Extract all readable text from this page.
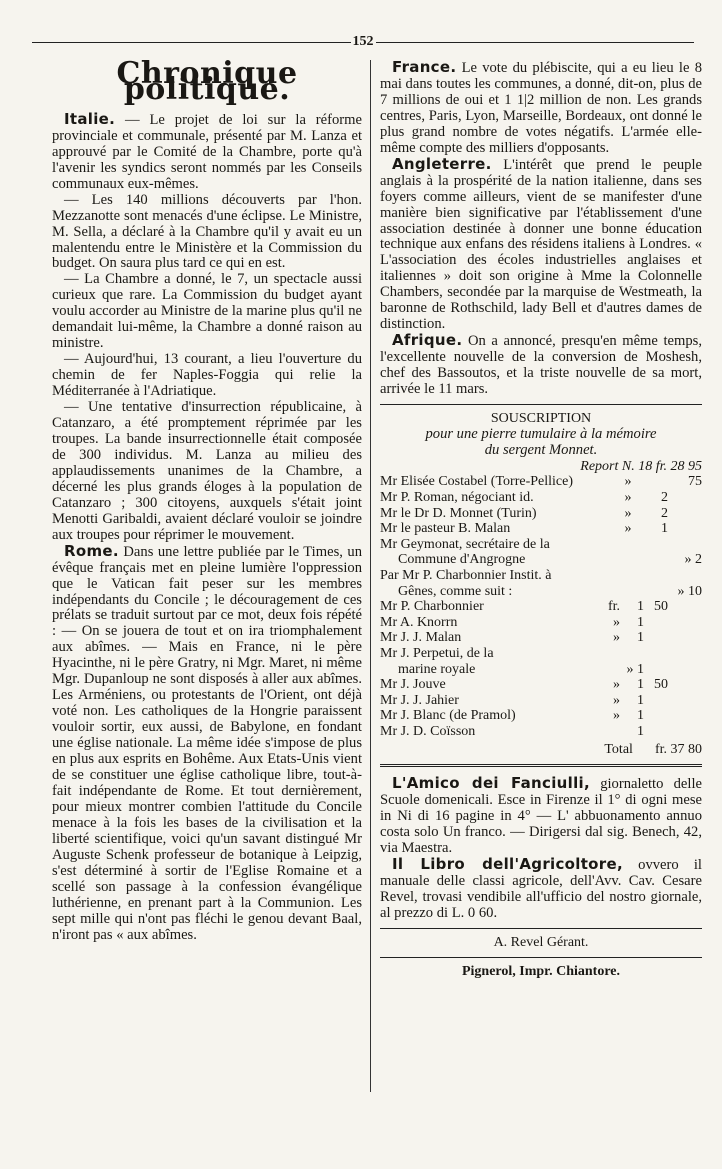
152
Chronique politique.

Italie. — Le projet de loi sur la réforme provinciale et communale, présenté par M. Lanza et approuvé par le Comité de la Chambre, porte qu'à l'avenir les syndics seront nommés par les Conseils communaux eux-mêmes.

— Les 140 millions découverts par l'hon. Mezzanotte sont menacés d'une éclipse. Le Ministre, M. Sella, a déclaré à la Chambre qu'il y avait eu un malentendu entre le Ministère et la Commission du budget. On saura plus tard ce qui en est.

— La Chambre a donné, le 7, un spectacle aussi curieux que rare. La Commission du budget ayant voulu accorder au Ministre de la marine plus qu'il ne demandait lui-même, la Chambre a donné raison au ministre.

— Aujourd'hui, 13 courant, a lieu l'ouverture du chemin de fer Naples-Foggia qui relie la Méditerranée à l'Adriatique.

— Une tentative d'insurrection républicaine, à Catanzaro, a été promptement réprimée par les troupes. La bande insurrectionnelle était composée de 300 individus. M. Lanza au milieu des applaudissements unanimes de la Chambre, a décerné les plus grands éloges à la population de Catanzaro ; 300 citoyens, auxquels s'était joint Menotti Garibaldi, avaient déclaré vouloir se joindre aux troupes pour réprimer le mouvement.

Rome. Dans une lettre publiée par le Times, un évêque français met en pleine lumière l'oppression que le Vatican fait peser sur les membres indépendants du Concile ; le découragement de ces prélats se traduit surtout par ce mot, deux fois répété : — On se jouera de tout et on ira triomphalement aux abîmes. — Mais en France, ni le père Hyacinthe, ni le père Gratry, ni Mgr. Maret, ni même Mgr. Dupanloup ne sont disposés à aller aux abîmes. Les Arméniens, ou protestants de l'Orient, ont déjà voté non. Les catholiques de la Hongrie paraissent vouloir sortir, eux aussi, de Babylone, en fondant une église nationale. La même idée s'impose de plus en plus aux esprits en Bohême. Aux Etats-Unis vient de se constituer une église catholique libre, tout-à-fait indépendante de Rome. Et tout dernièrement, pour mieux montrer combien l'attitude du Concile menace à la fois les bases de la civilisation et la liberté scientifique, voici qu'un savant distingué Mr Auguste Schenk professeur de botanique à Leipzig, s'est déterminé à sortir de l'Eglise Romaine et a scellé son passage à la confession évangélique luthérienne, en prenant part à la Communion. Les sept mille qui n'ont pas fléchi le genou devant Baal, n'iront pas « aux abîmes.

France. Le vote du plébiscite, qui a eu lieu le 8 mai dans toutes les communes, a donné, dit-on, plus de 7 millions de oui et 1 1|2 million de non. Les grands centres, Paris, Lyon, Marseille, Bordeaux, ont donné le plus grand nombre de votes négatifs. L'armée elle-même compte des milliers d'opposants.

Angleterre. L'intérêt que prend le peuple anglais à la prospérité de la nation italienne, dans ses foyers comme ailleurs, vient de se manifester d'une manière bien significative par l'établissement d'une association destinée à donner une bonne éducation technique aux enfans des résidens italiens à Londres. « L'association des écoles industrielles anglaises et italiennes » doit son origine à Mme la Colonnelle Chambers, secondée par la marquise de Westmeath, la baronne de Rothschild, lady Bell et d'autres dames de distinction.

Afrique. On a annoncé, presqu'en même temps, l'excellente nouvelle de la conversion de Moshesh, chef des Bassoutos, et la triste nouvelle de sa mort, arrivée le 11 mars.

SOUSCRIPTION
pour une pierre tumulaire à la mémoire
du sergent Monnet.
Report N. 18 fr. 28 95
Mr Elisée Costabel (Torre-Pellice)	»	75
Mr P. Roman, négociant id.	»	2
Mr le Dr D. Monnet (Turin)	»	2
Mr le pasteur B. Malan	»	1
Mr Geymonat, secrétaire de la
Commune d'Angrogne	» 2
Par Mr P. Charbonnier Instit. à
Gênes, comme suit :	» 10
Mr P. Charbonnier	fr.	1 50
Mr A. Knorrn	»	1
Mr J. J. Malan	»	1
Mr J. Perpetui, de la
marine royale	» 1
Mr J. Jouve	»	1 50
Mr J. J. Jahier	»	1
Mr J. Blanc (de Pramol)	»	1
Mr J. D. Coïsson	1
Total fr. 37 80

L'Amico dei Fanciulli, giornaletto delle Scuole domenicali. Esce in Firenze il 1° di ogni mese in Ni di 16 pagine in 4° — L' abbuonamento annuo costa solo Un franco. — Dirigersi dal sig. Benech, 42, via Maestra.

Il Libro dell'Agricoltore, ovvero il manuale delle classi agricole, dell'Avv. Cav. Cesare Revel, trovasi vendibile all'ufficio del nostro giornale, al prezzo di L. 0 60.

A. Revel Gérant.
Pignerol, Impr. Chiantore.
